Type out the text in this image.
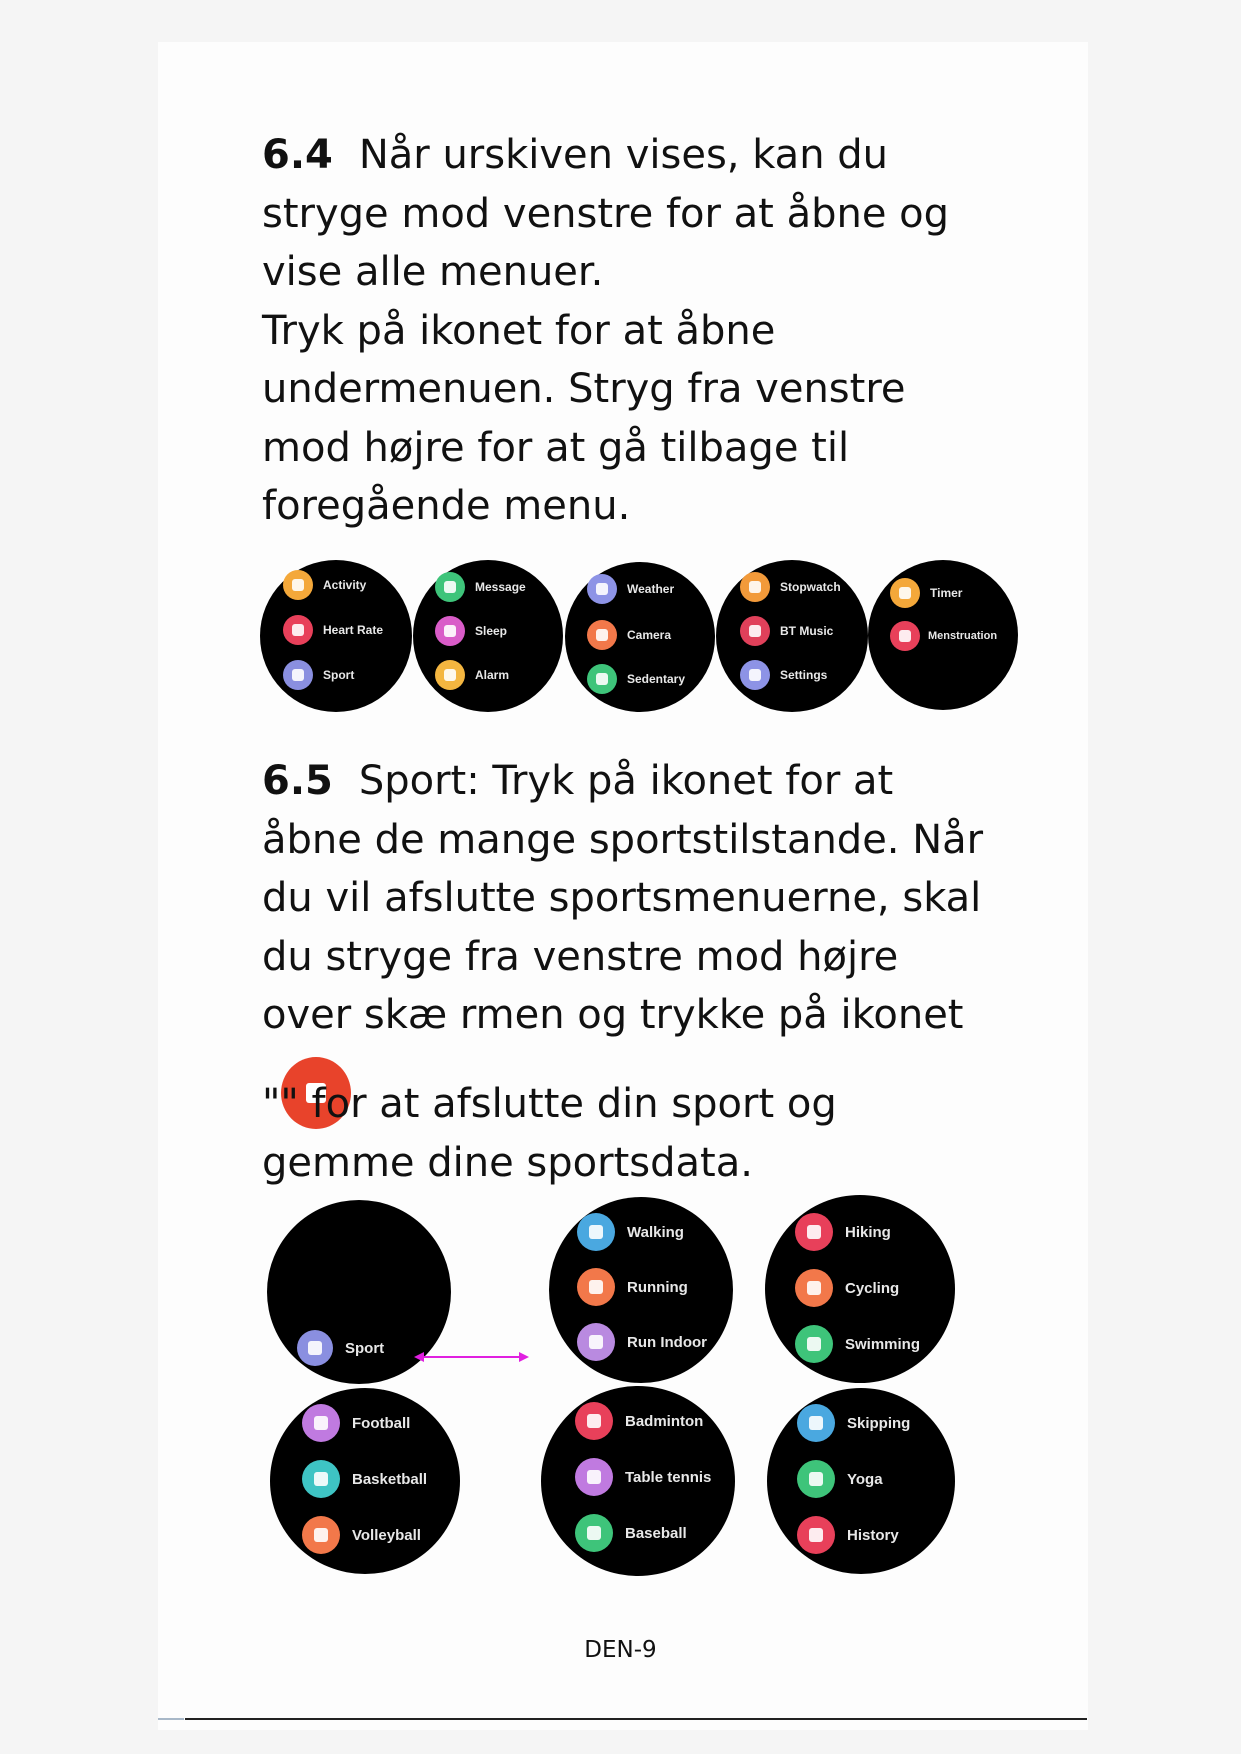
6.4 Når urskiven vises, kan du
stryge mod venstre for at åbne og
vise alle menuer.
Tryk på ikonet for at åbne
undermenuen. Stryg fra venstre
mod højre for at gå tilbage til
foregående menu.

Activity
Heart Rate
Sport
Message
Sleep
Alarm
Weather
Camera
Sedentary
Stopwatch
BT Music
Settings
Timer
Menstruation

6.5 Sport: Tryk på ikonet for at
åbne de mange sportstilstande. Når
du vil afslutte sportsmenuerne, skal
du stryge fra venstre mod højre
over skæ rmen og trykke på ikonet

"" for at afslutte din sport og
gemme dine sportsdata.

Sport
Walking
Running
Run Indoor
Hiking
Cycling
Swimming
Football
Basketball
Volleyball
Badminton
Table tennis
Baseball
Skipping
Yoga
History
DEN-9
